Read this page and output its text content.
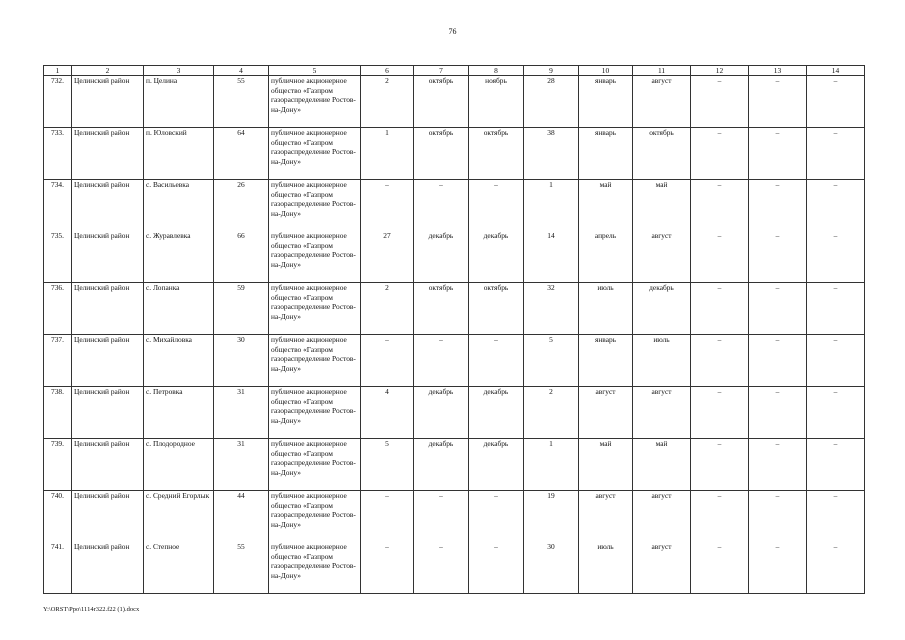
76
1	2	3	4	5	6	7	8	9	10	11	12	13	14
732.	Целинский район	п. Целина	55	публичное акционерное общество «Газпром газораспределение Ростов-на-Дону»	2	октябрь	ноябрь	28	январь	август	–	–	–
733.	Целинский район	п. Юловский	64	публичное акционерное общество «Газпром газораспределение Ростов-на-Дону»	1	октябрь	октябрь	38	январь	октябрь	–	–	–
734.	Целинский район	с. Васильевка	26	публичное акционерное общество «Газпром газораспределение Ростов-на-Дону»	–	–	–	1	май	май	–	–	–
735.	Целинский район	с. Журавлевка	66	публичное акционерное общество «Газпром газораспределение Ростов-на-Дону»	27	декабрь	декабрь	14	апрель	август	–	–	–
736.	Целинский район	с. Лопанка	59	публичное акционерное общество «Газпром газораспределение Ростов-на-Дону»	2	октябрь	октябрь	32	июль	декабрь	–	–	–
737.	Целинский район	с. Михайловка	30	публичное акционерное общество «Газпром газораспределение Ростов-на-Дону»	–	–	–	5	январь	июль	–	–	–
738.	Целинский район	с. Петровка	31	публичное акционерное общество «Газпром газораспределение Ростов-на-Дону»	4	декабрь	декабрь	2	август	август	–	–	–
739.	Целинский район	с. Плодородное	31	публичное акционерное общество «Газпром газораспределение Ростов-на-Дону»	5	декабрь	декабрь	1	май	май	–	–	–
740.	Целинский район	с. Средний Егорлык	44	публичное акционерное общество «Газпром газораспределение Ростов-на-Дону»	–	–	–	19	август	август	–	–	–
741.	Целинский район	с. Степное	55	публичное акционерное общество «Газпром газораспределение Ростов-на-Дону»	–	–	–	30	июль	август	–	–	–
Y:\ORST\Ppo\1114r322.f22 (1).docx
